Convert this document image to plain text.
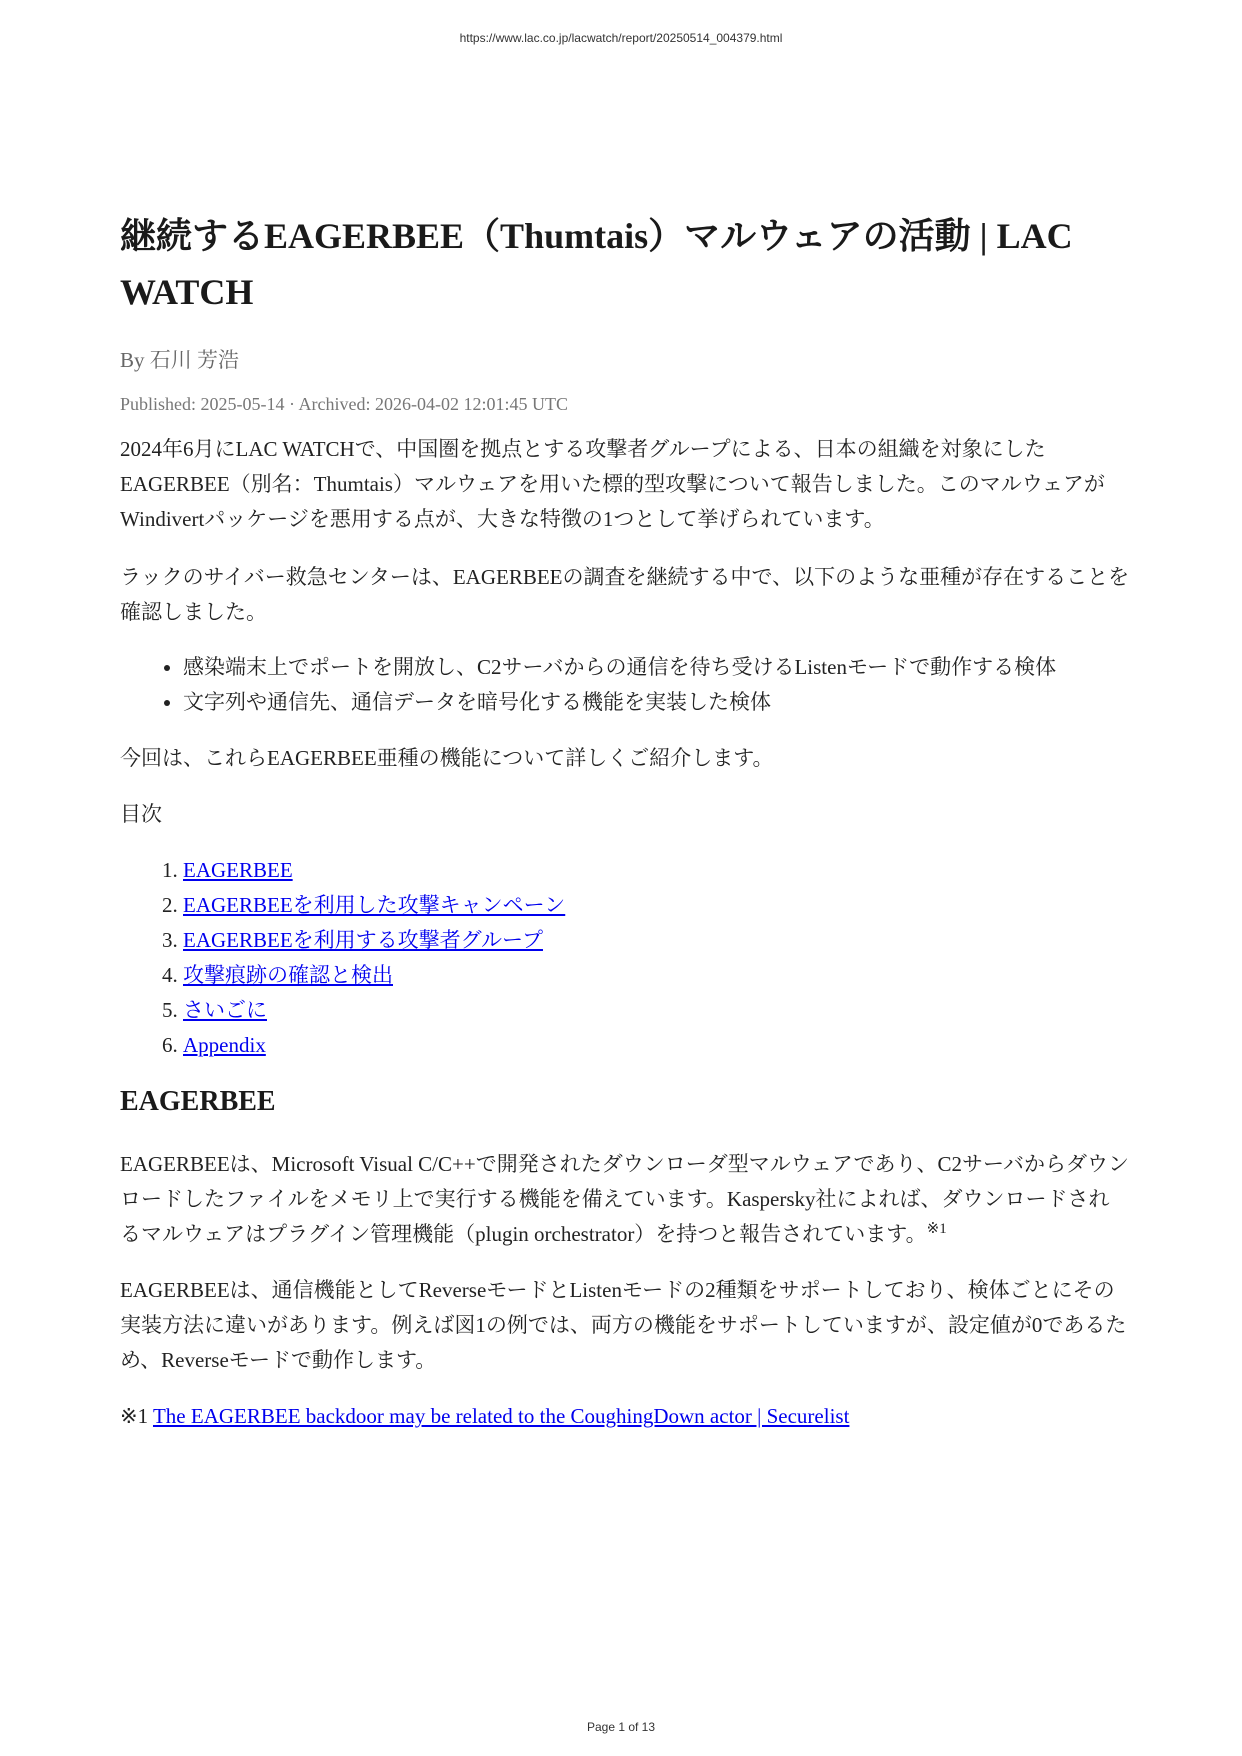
https://www.lac.co.jp/lacwatch/report/20250514_004379.html
継続するEAGERBEE（Thumtais）マルウェアの活動 | LAC WATCH
By 石川 芳浩
Published: 2025-05-14 · Archived: 2026-04-02 12:01:45 UTC

2024年6月にLAC WATCHで、中国圏を拠点とする攻撃者グループによる、日本の組織を対象にしたEAGERBEE（別名：Thumtais）マルウェアを用いた標的型攻撃について報告しました。このマルウェアがWindivertパッケージを悪用する点が、大きな特徴の1つとして挙げられています。

ラックのサイバー救急センターは、EAGERBEEの調査を継続する中で、以下のような亜種が存在することを確認しました。

• 感染端末上でポートを開放し、C2サーバからの通信を待ち受けるListenモードで動作する検体
• 文字列や通信先、通信データを暗号化する機能を実装した検体

今回は、これらEAGERBEE亜種の機能について詳しくご紹介します。

目次

1. EAGERBEE
2. EAGERBEEを利用した攻撃キャンペーン
3. EAGERBEEを利用する攻撃者グループ
4. 攻撃痕跡の確認と検出
5. さいごに
6. Appendix
EAGERBEE

EAGERBEEは、Microsoft Visual C/C++で開発されたダウンローダ型マルウェアであり、C2サーバからダウンロードしたファイルをメモリ上で実行する機能を備えています。Kaspersky社によれば、ダウンロードされるマルウェアはプラグイン管理機能（plugin orchestrator）を持つと報告されています。$^{※1}$

EAGERBEEは、通信機能としてReverseモードとListenモードの2種類をサポートしており、検体ごとにその実装方法に違いがあります。例えば図1の例では、両方の機能をサポートしていますが、設定値が0であるため、Reverseモードで動作します。

※1 The EAGERBEE backdoor may be related to the CoughingDown actor | Securelist

Page 1 of 13
